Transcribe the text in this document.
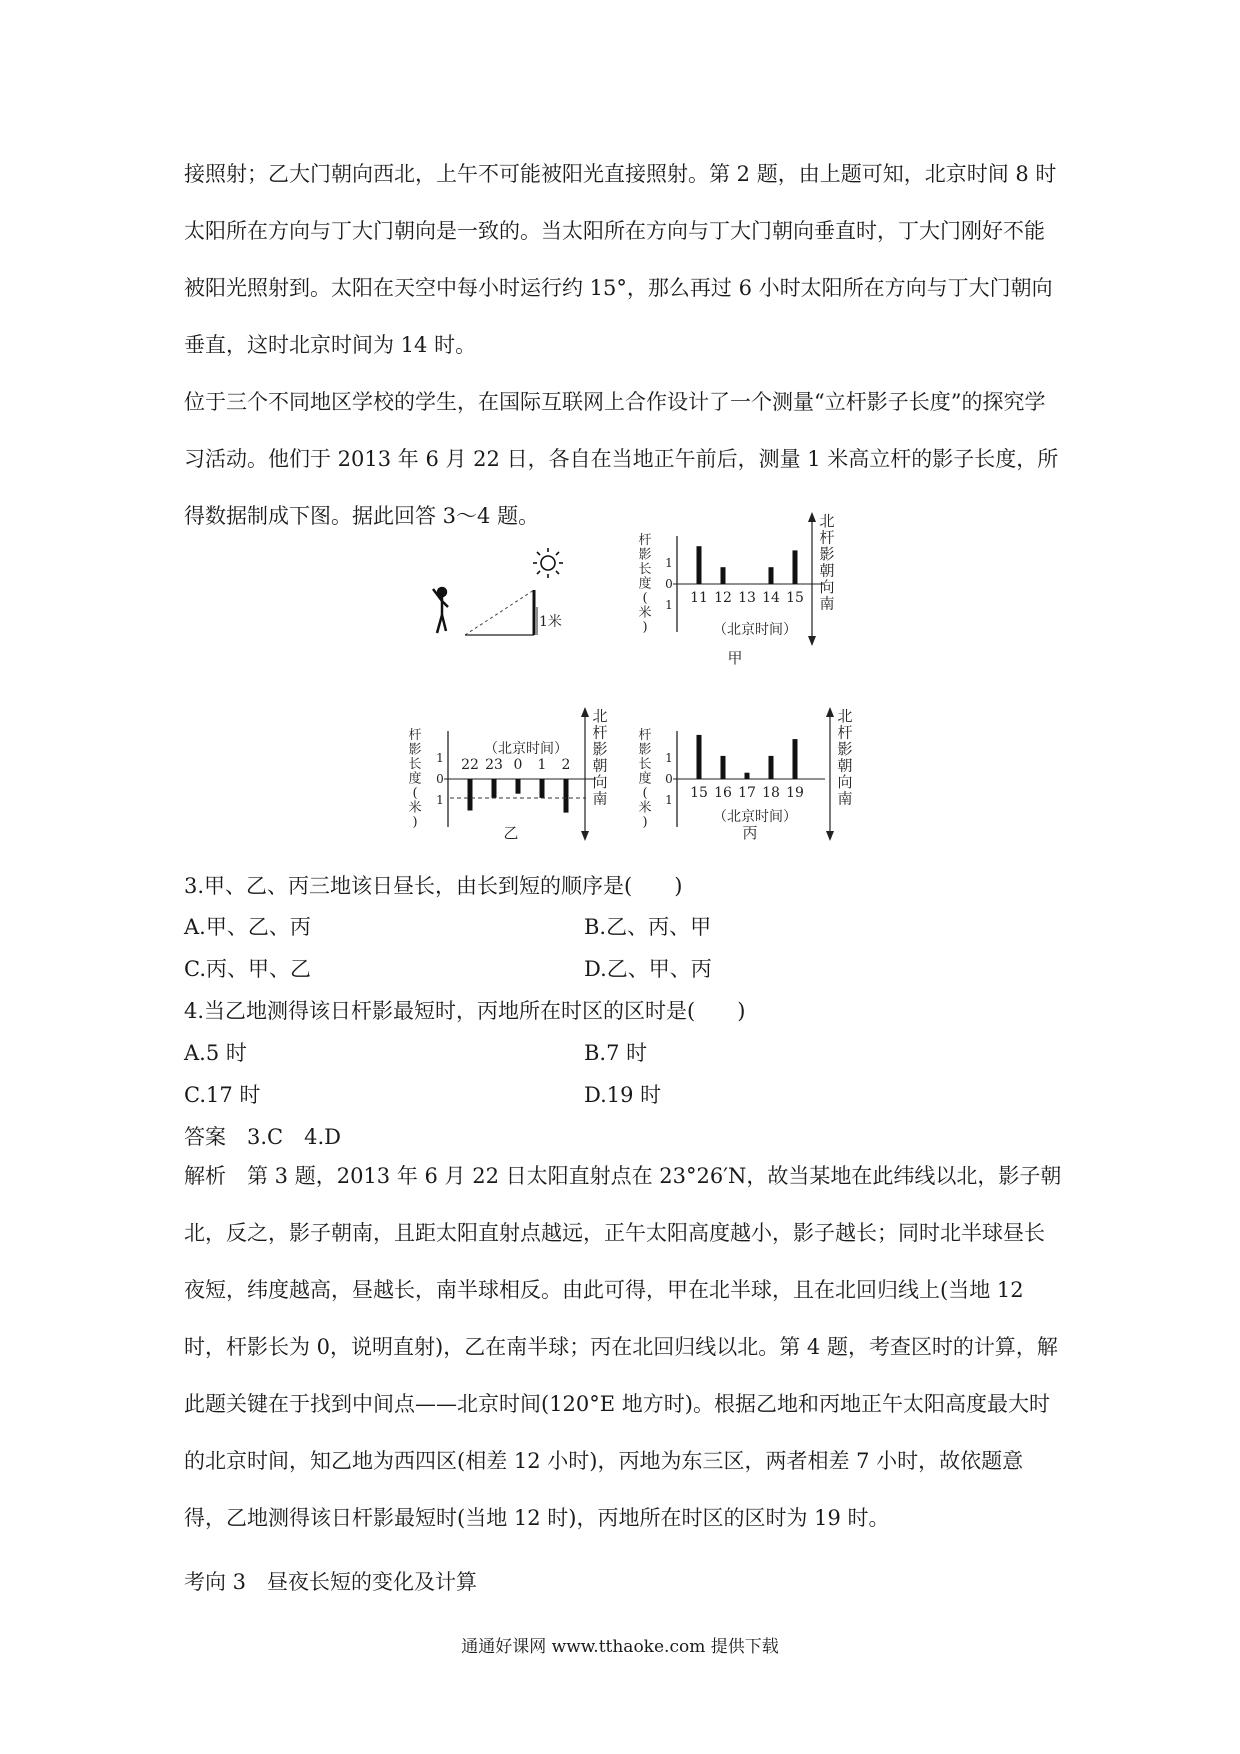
接照射；乙大门朝向西北，上午不可能被阳光直接照射。第 2 题，由上题可知，北京时间 8 时太阳所在方向与丁大门朝向是一致的。当太阳所在方向与丁大门朝向垂直时，丁大门刚好不能被阳光照射到。太阳在天空中每小时运行约 15°，那么再过 6 小时太阳所在方向与丁大门朝向垂直，这时北京时间为 14 时。
位于三个不同地区学校的学生，在国际互联网上合作设计了一个测量“立杆影子长度”的探究学习活动。他们于 2013 年 6 月 22 日，各自在当地正午前后，测量 1 米高立杆的影子长度，所得数据制成下图。据此回答 3～4 题。
1米
1
0
1 11 12 13 14 15
（北京时间）
甲
杆
影
长
度
(
米
)
北
杆
影
朝
向
南
1
0
1
22 23 0 1 2
（北京时间）
乙
杆
影
长
度
(
米
)
北
杆
影
朝
向
南
1
0
1 15 16 17 18 19
（北京时间）
丙
杆
影
长
度
(
米
)
北
杆
影
朝
向
南
3.甲、乙、丙三地该日昼长，由长到短的顺序是(　　)
A.甲、乙、丙	B.乙、丙、甲
C.丙、甲、乙	D.乙、甲、丙
4.当乙地测得该日杆影最短时，丙地所在时区的区时是(　　)
A.5 时	B.7 时
C.17 时	D.19 时
答案　3.C　4.D
解析　第 3 题，2013 年 6 月 22 日太阳直射点在 23°26′N，故当某地在此纬线以北，影子朝北，反之，影子朝南，且距太阳直射点越远，正午太阳高度越小，影子越长；同时北半球昼长夜短，纬度越高，昼越长，南半球相反。由此可得，甲在北半球，且在北回归线上(当地 12 时，杆影长为 0，说明直射)，乙在南半球；丙在北回归线以北。第 4 题，考查区时的计算，解此题关键在于找到中间点——北京时间(120°E 地方时)。根据乙地和丙地正午太阳高度最大时的北京时间，知乙地为西四区(相差 12 小时)，丙地为东三区，两者相差 7 小时，故依题意得，乙地测得该日杆影最短时(当地 12 时)，丙地所在时区的区时为 19 时。
考向 3　昼夜长短的变化及计算
通通好课网 www.tthaoke.com 提供下载
